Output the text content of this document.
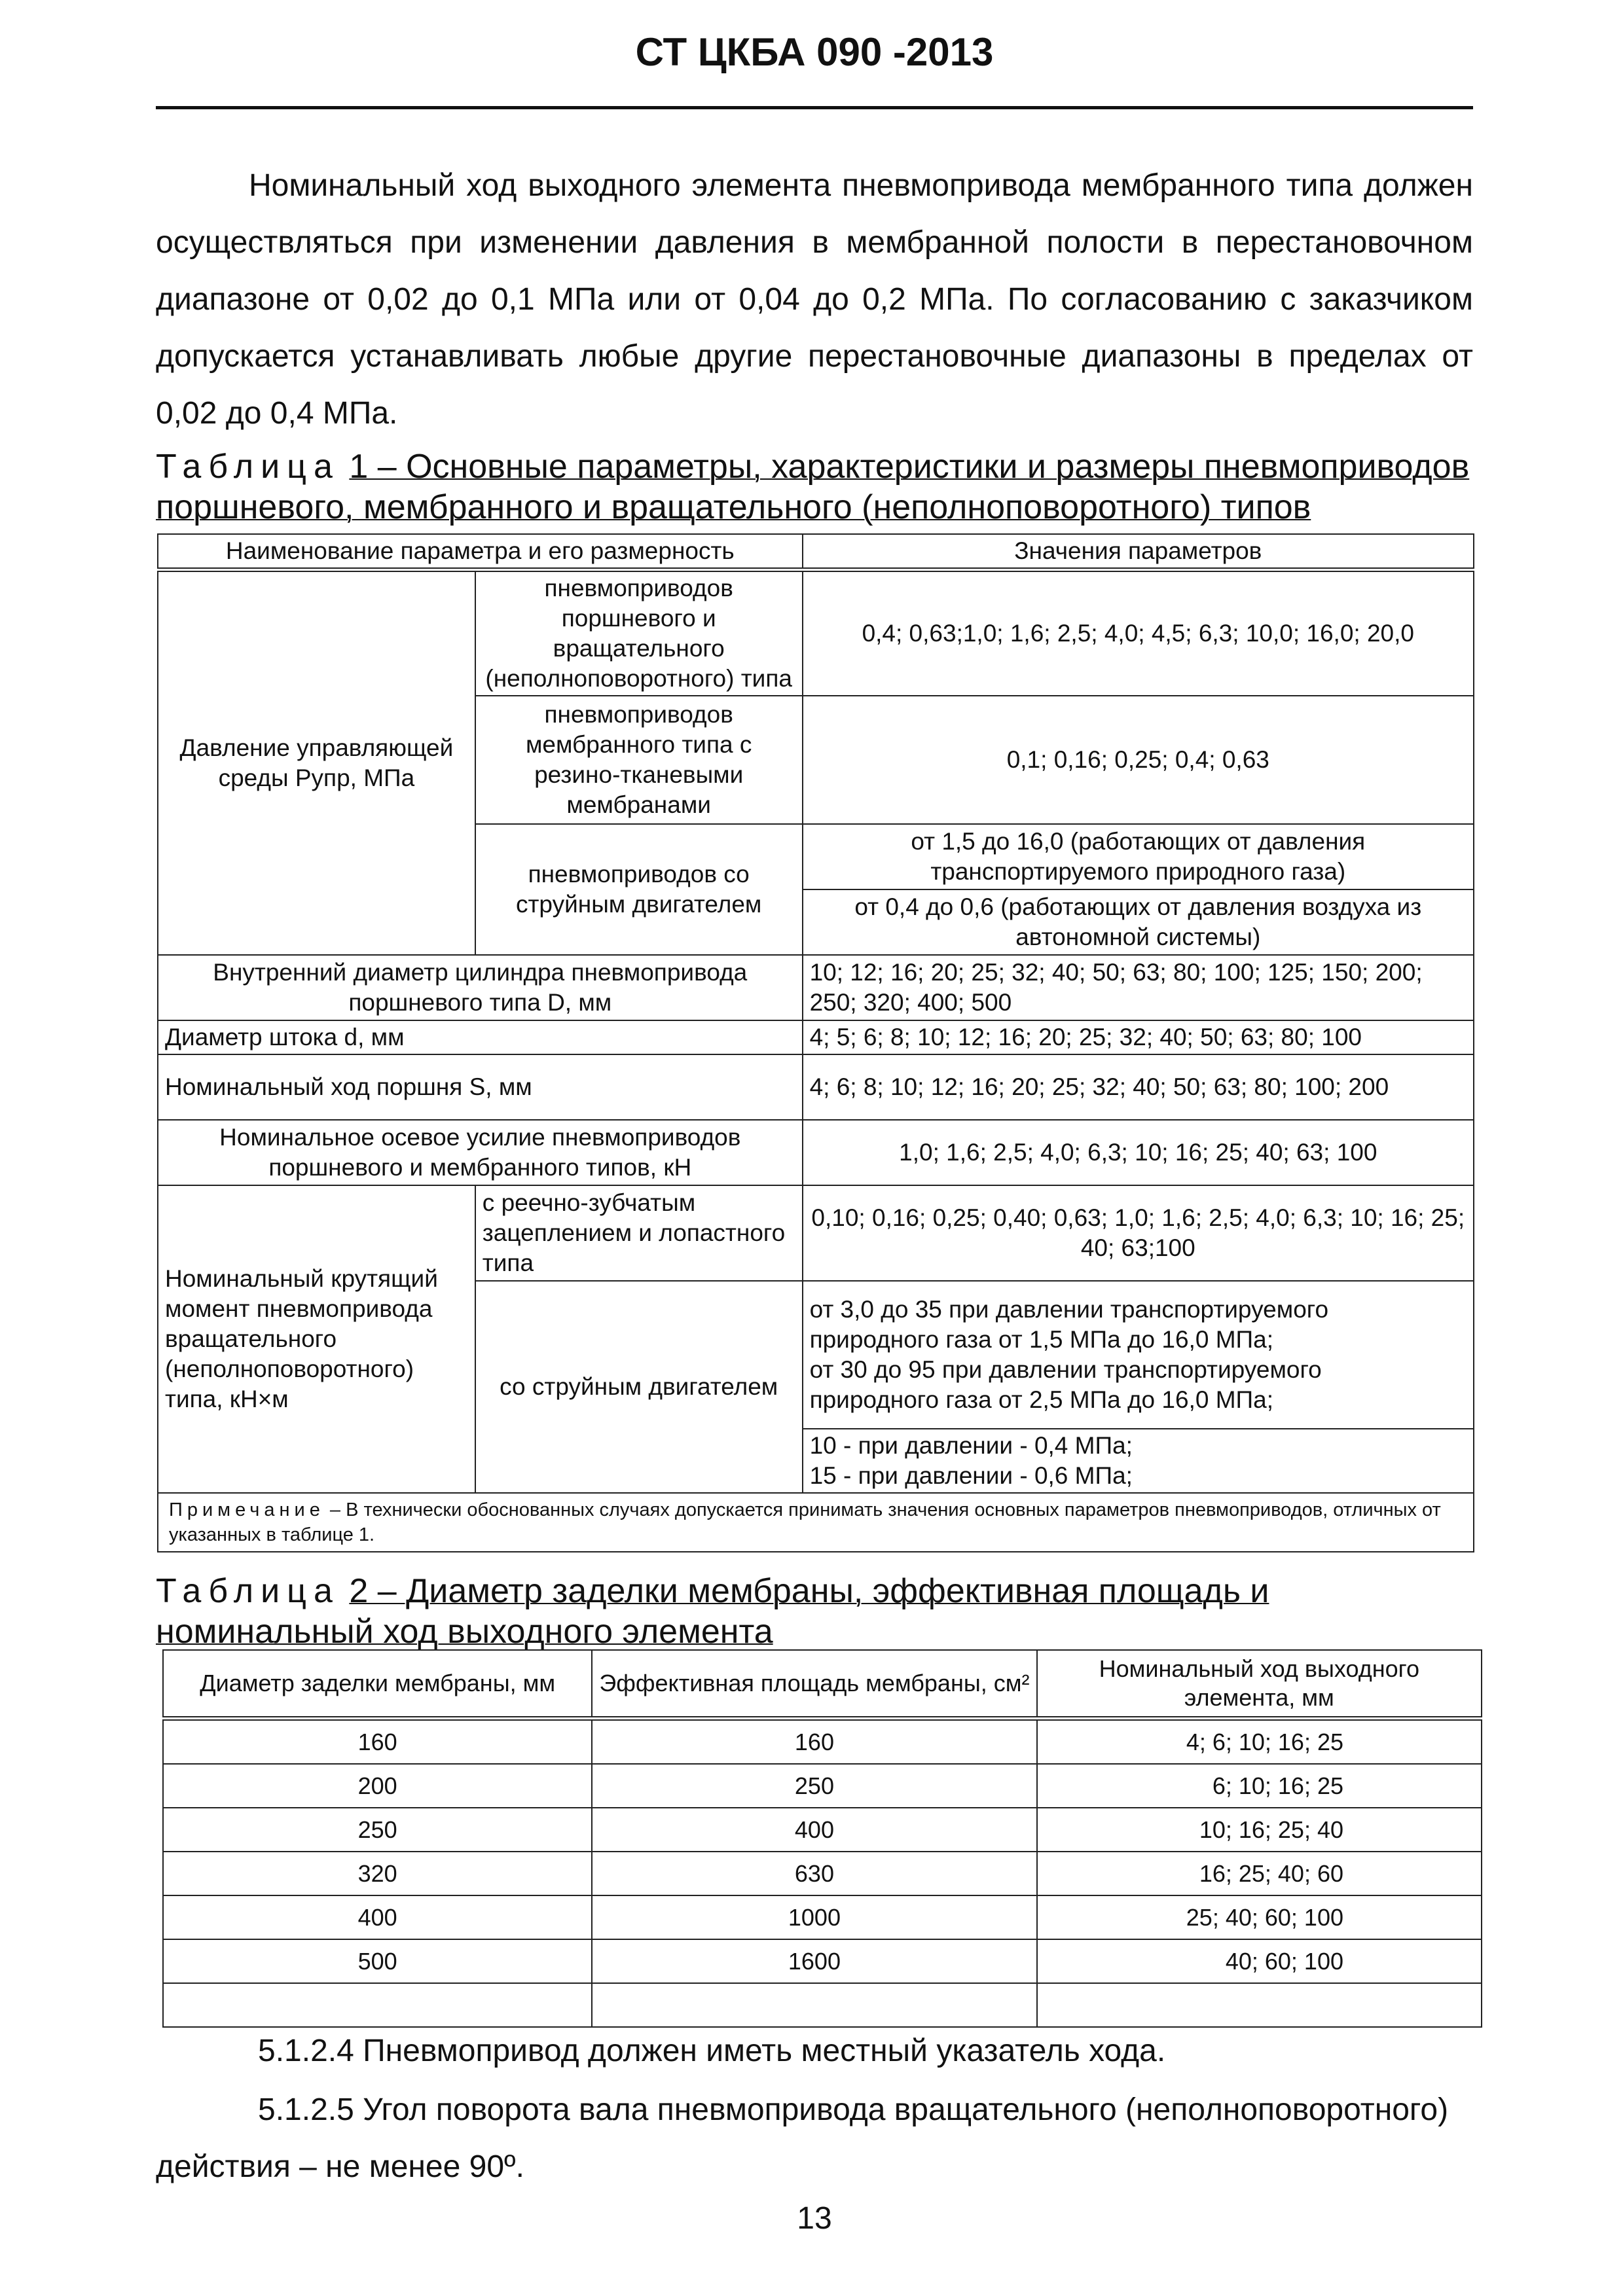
СТ ЦКБА 090 -2013

Номинальный ход выходного элемента пневмопривода мембранного типа должен осуществляться при изменении давления в мембранной полости в перестановочном диапазоне от 0,02 до 0,1 МПа или от 0,04 до 0,2 МПа. По согласованию с заказчиком допускается устанавливать любые другие перестановочные диапазоны в пределах от 0,02 до 0,4 МПа.

Таблица 1 – Основные параметры, характеристики и размеры пневмоприводов поршневого, мембранного и вращательного (неполноповоротного) типов

Наименование параметра и его размерность		Значения параметров
Давление управляющей среды Рупр, МПа	пневмоприводов поршневого и вращательного (неполноповоротного) типа	0,4; 0,63;1,0; 1,6; 2,5; 4,0; 4,5; 6,3; 10,0; 16,0; 20,0
	пневмоприводов мембранного типа с резино-тканевыми мембранами	0,1; 0,16; 0,25; 0,4; 0,63
	пневмоприводов со струйным двигателем	от 1,5 до 16,0 (работающих от давления транспортируемого природного газа)
		от 0,4 до 0,6 (работающих от давления воздуха из автономной системы)
Внутренний диаметр цилиндра пневмопривода поршневого типа D, мм		10; 12; 16; 20; 25; 32; 40; 50; 63; 80; 100; 125; 150; 200; 250; 320; 400; 500
Диаметр штока d, мм		4; 5; 6; 8; 10; 12; 16; 20; 25; 32; 40; 50; 63; 80; 100
Номинальный ход поршня S, мм		4; 6; 8; 10; 12; 16; 20; 25; 32; 40; 50; 63; 80; 100; 200
Номинальное осевое усилие пневмоприводов поршневого и мембранного типов, кН		1,0; 1,6; 2,5; 4,0; 6,3; 10; 16; 25; 40; 63; 100
Номинальный крутящий момент пневмопривода вращательного (неполноповоротного) типа, кН×м	с реечно-зубчатым зацеплением и лопастного типа	0,10; 0,16; 0,25; 0,40; 0,63; 1,0; 1,6; 2,5; 4,0; 6,3; 10; 16; 25; 40; 63;100
	со струйным двигателем	от 3,0 до 35 при давлении транспортируемого
природного газа от 1,5 МПа до 16,0 МПа;
от 30 до 95 при давлении транспортируемого
природного газа от 2,5 МПа до 16,0 МПа;

		10 - при давлении - 0,4 МПа;
15 - при давлении - 0,6 МПа;

Примечание – В технически обоснованных случаях допускается принимать значения основных параметров пневмоприводов, отличных от указанных в таблице 1.		

Таблица 2 – Диаметр заделки мембраны, эффективная площадь и номинальный ход выходного элемента

Диаметр заделки мембраны, мм	Эффективная площадь мембраны, см²	Номинальный ход выходного элемента, мм
160	160	4; 6; 10; 16; 25
200	250	6; 10; 16; 25
250	400	10; 16; 25; 40
320	630	16; 25; 40; 60
400	1000	25; 40; 60; 100
500	1600	40; 60; 100

5.1.2.4 Пневмопривод должен иметь местный указатель хода.

5.1.2.5 Угол поворота вала пневмопривода вращательного (неполноповоротного) действия – не менее 90º.

13
